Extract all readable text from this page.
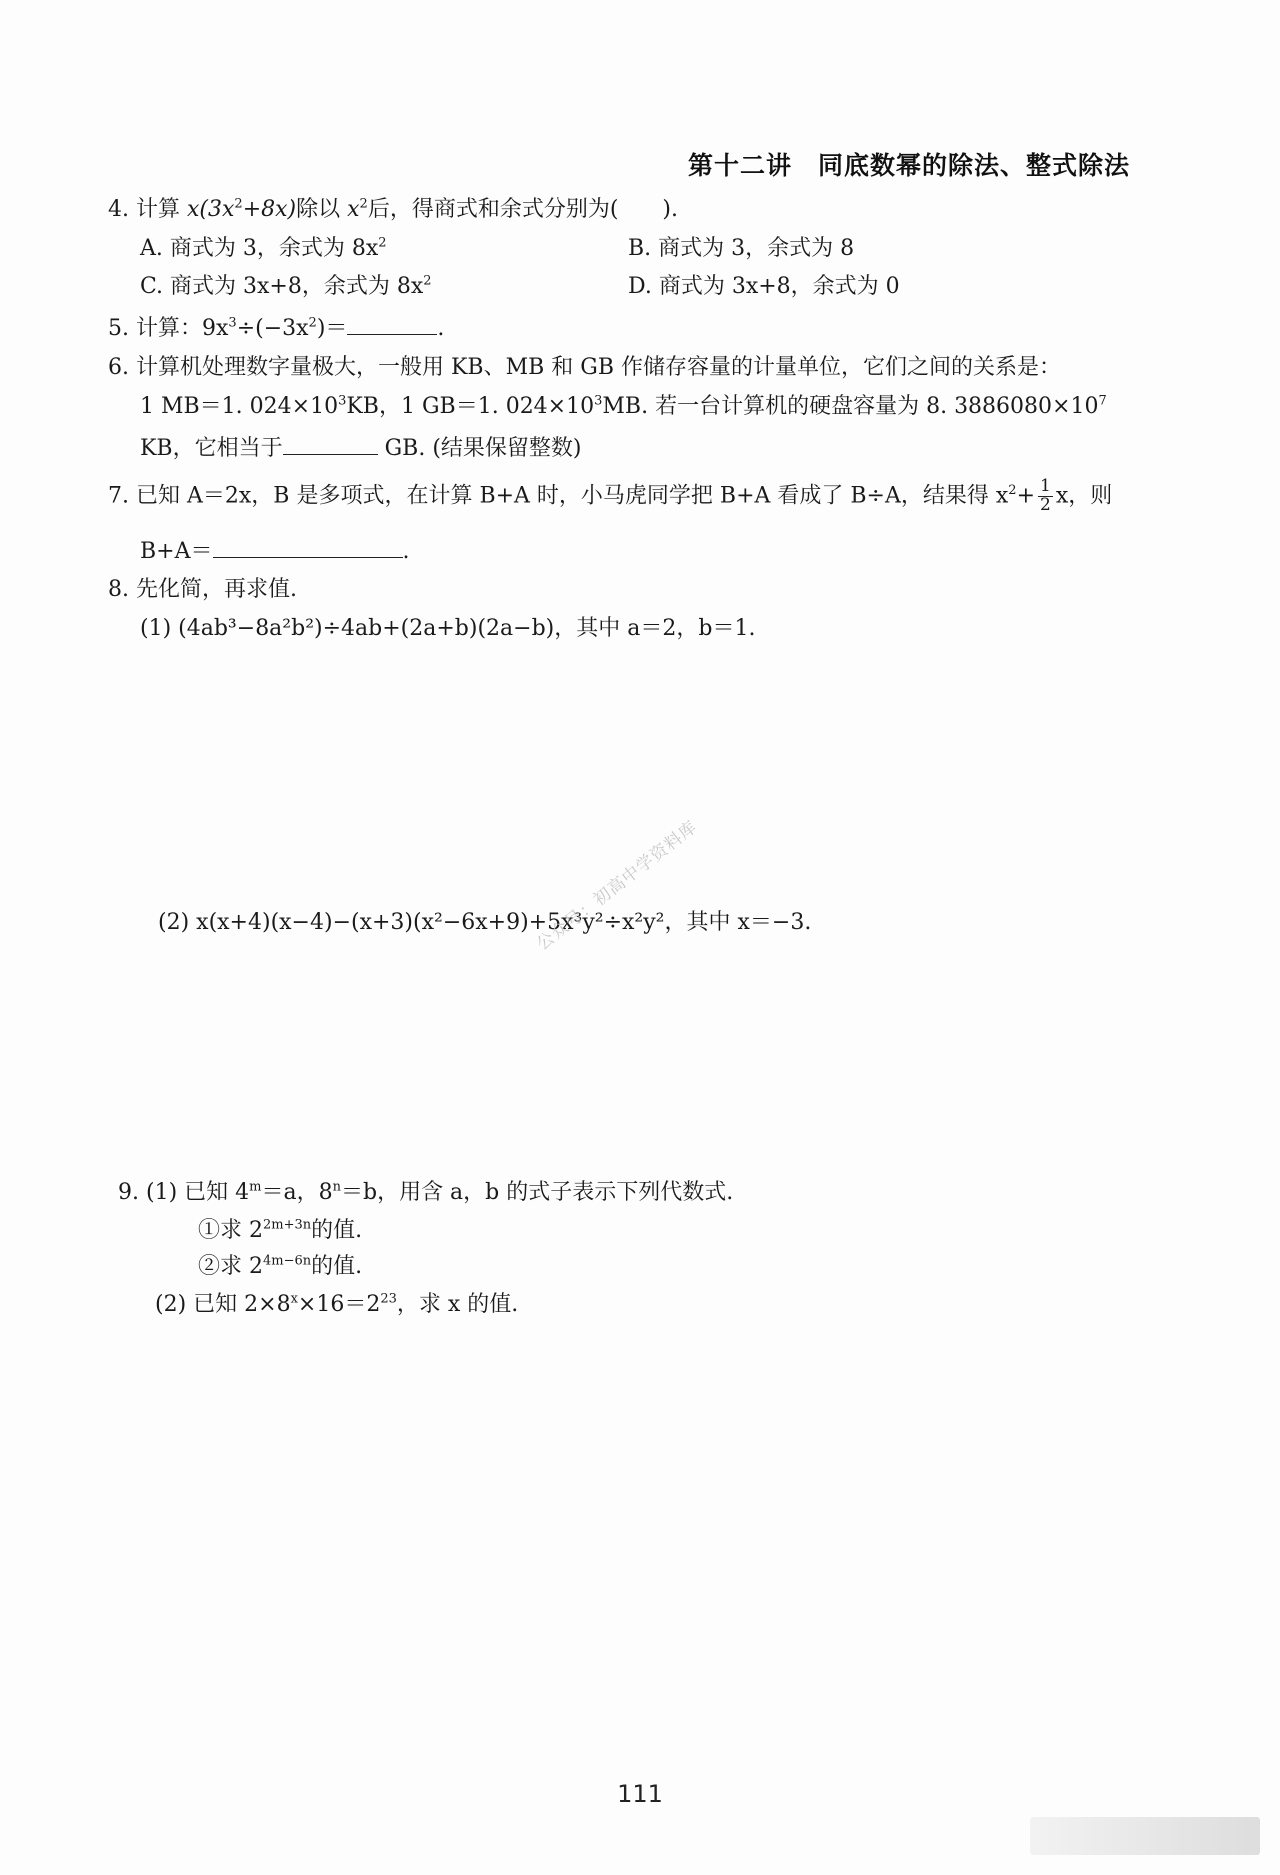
第十二讲　同底数幂的除法、整式除法
4. 计算 $x(3x^2+8x)$除以 $x^2$后，得商式和余式分别为(　　).
A. 商式为 3，余式为 $8x^2$	B. 商式为 3，余式为 8
C. 商式为 3x+8，余式为 $8x^2$	D. 商式为 3x+8，余式为 0
5. 计算：$9x^3\div(-3x^2)=$	.
6. 计算机处理数字量极大，一般用 KB、MB 和 GB 作储存容量的计量单位，它们之间的关系是：
1 MB＝1. $024\times 10^3KB$，1 GB＝1. $024\times 10^3MB$. 若一台计算机的硬盘容量为 8. $3886080\times 10^7$
KB，它相当于	GB. (结果保留整数)
7. 已知 A＝2x，B 是多项式，在计算 B+A 时，小马虎同学把 B+A 看成了 B÷A，结果得 $x^2+ \frac{1}{2}$ x，则
B+A＝	.
8. 先化简，再求值.
(1) (4ab³−8a²b²)÷4ab+(2a+b)(2a−b)，其中 a＝2，b＝1.
(2) x(x+4)(x−4)−(x+3)(x²−6x+9)+5x³y²÷x²y²，其中 x＝−3.
公众号：初高中学资料库
9. (1) 已知 $4^m=a$，$8^n=b$，用含 a，b 的式子表示下列代数式.
①求 $2^{2m+3n}$的值.
②求 $2^{4m-6n}$的值.
(2) 已知 $2\times 8^x\times 16=2^{23}$，求 x 的值.
111
